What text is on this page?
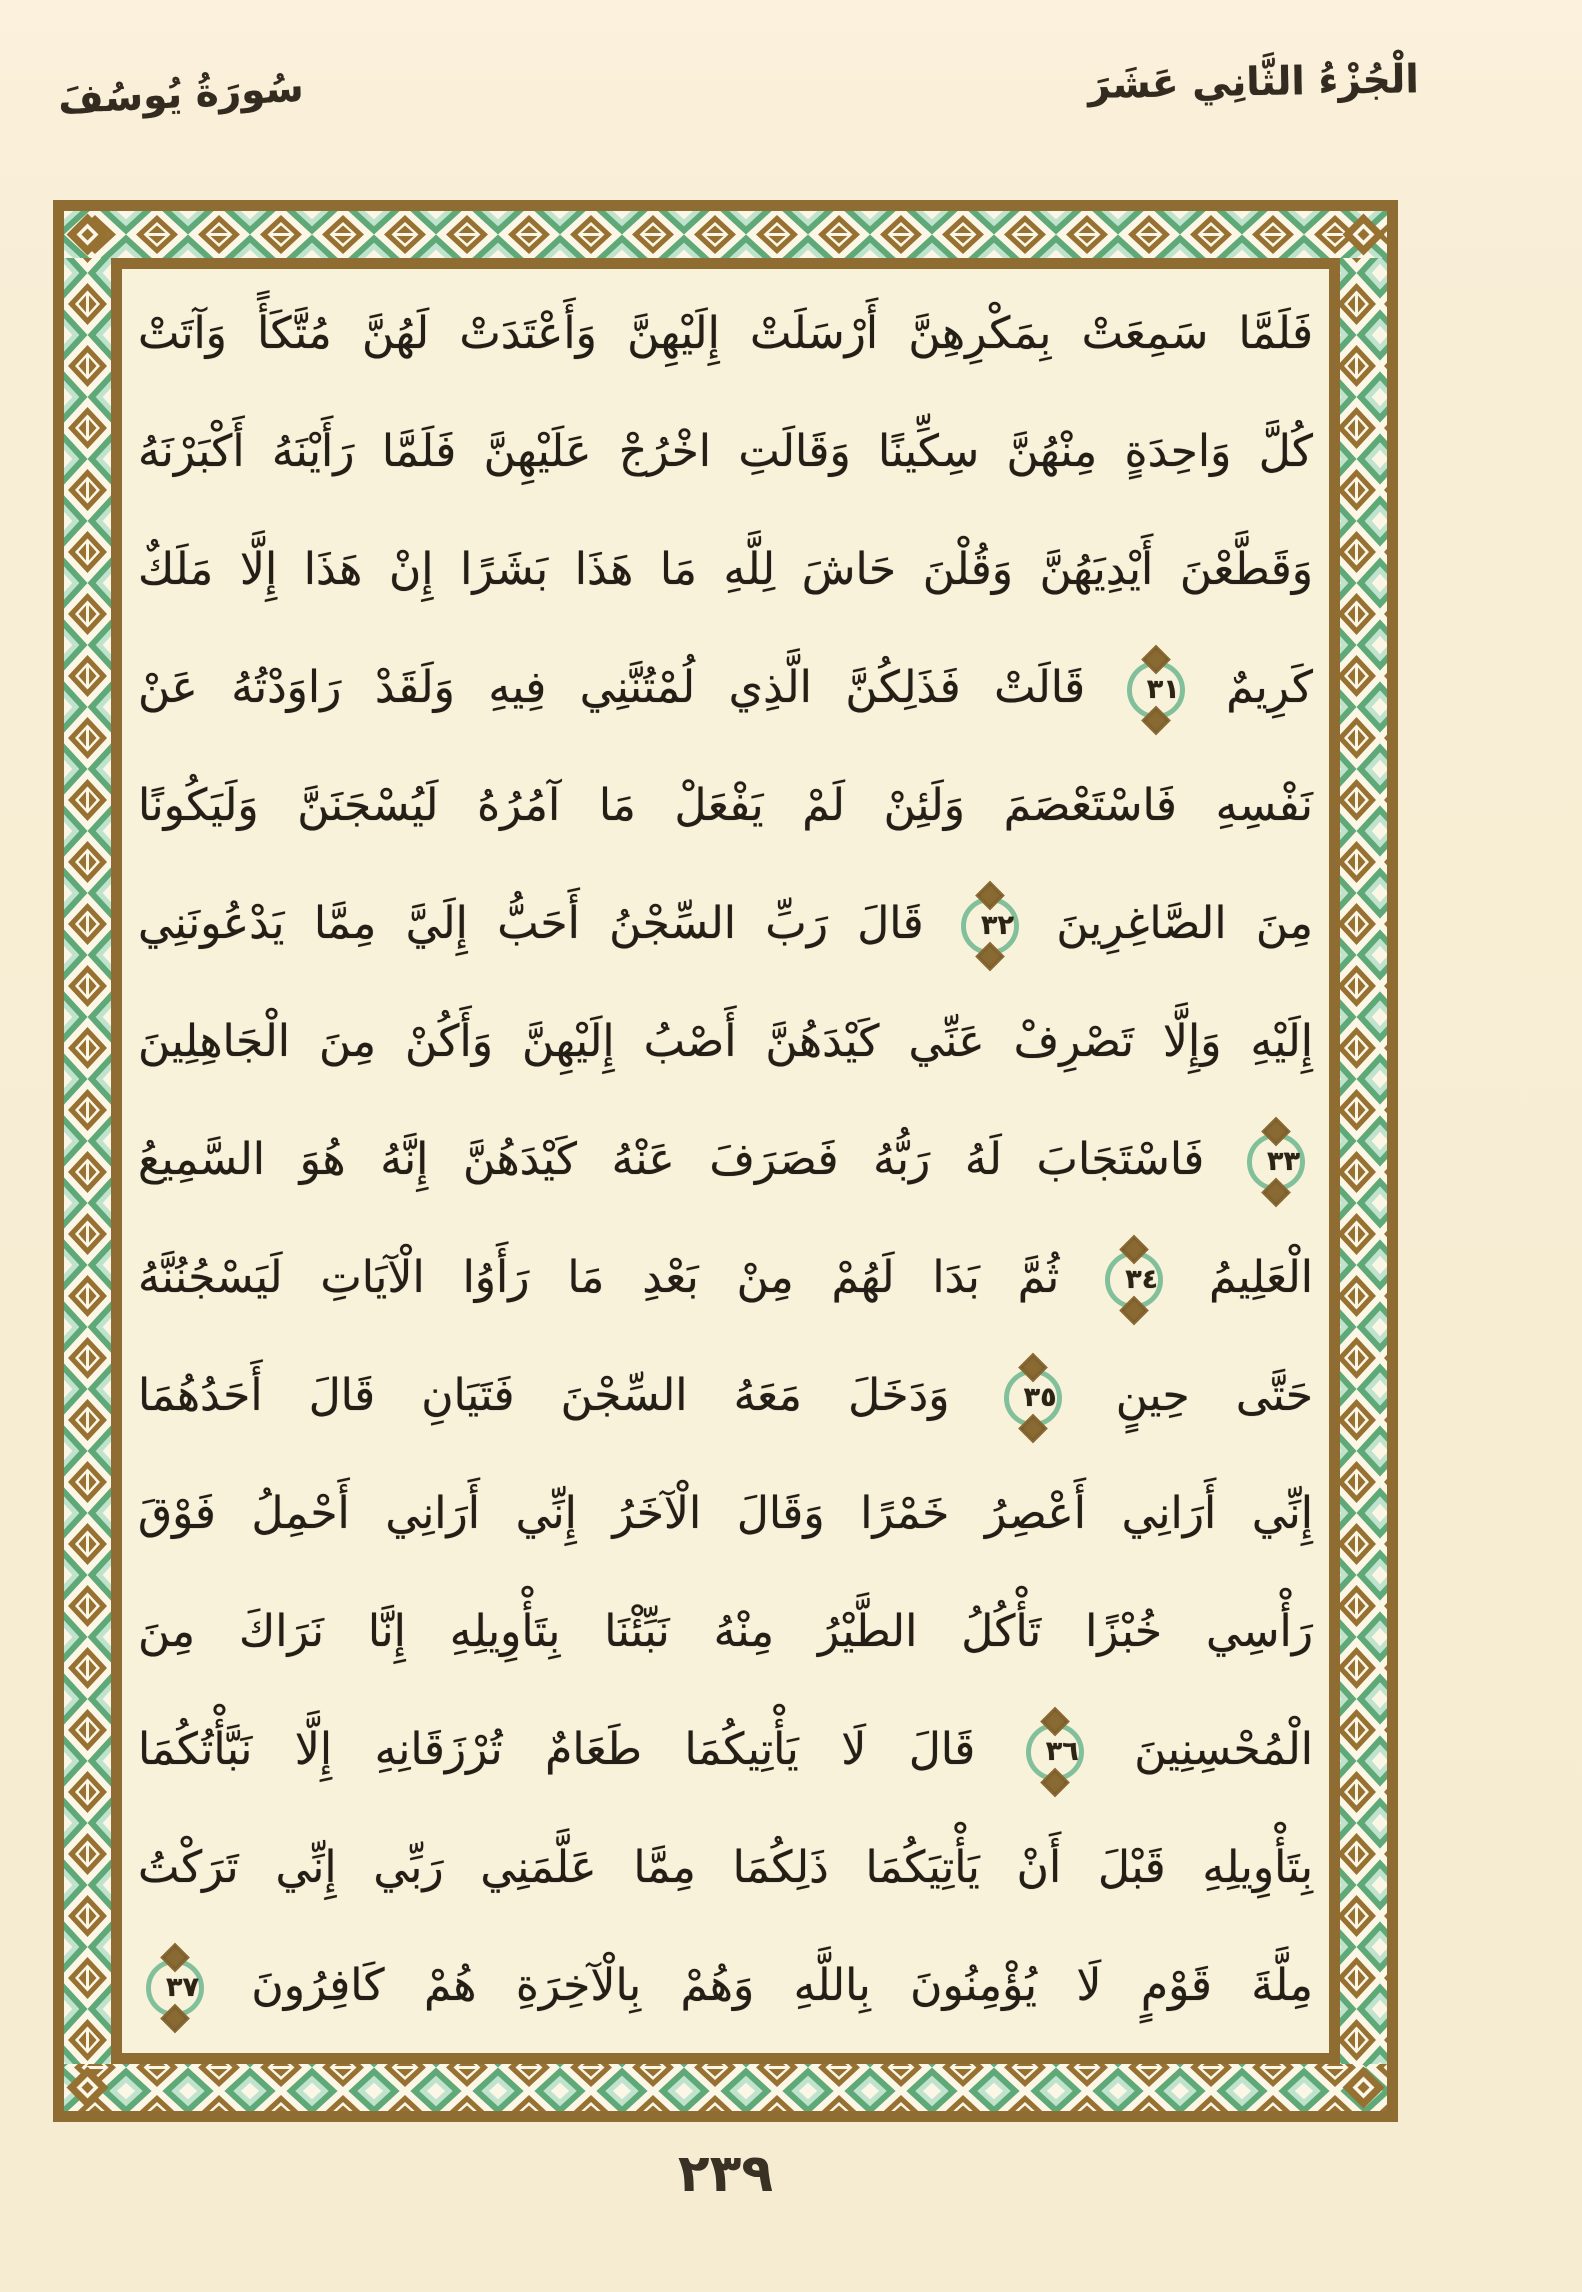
سُورَةُ يُوسُفَ	الْجُزْءُ الثَّانِي عَشَرَ
فَلَمَّا سَمِعَتْ بِمَكْرِهِنَّ أَرْسَلَتْ إِلَيْهِنَّ وَأَعْتَدَتْ لَهُنَّ مُتَّكَأً وَآتَتْ
كُلَّ وَاحِدَةٍ مِنْهُنَّ سِكِّينًا وَقَالَتِ اخْرُجْ عَلَيْهِنَّ فَلَمَّا رَأَيْنَهُ أَكْبَرْنَهُ
وَقَطَّعْنَ أَيْدِيَهُنَّ وَقُلْنَ حَاشَ لِلَّهِ مَا هَذَا بَشَرًا إِنْ هَذَا إِلَّا مَلَكٌ
كَرِيمٌ ٣١ قَالَتْ فَذَلِكُنَّ الَّذِي لُمْتُنَّنِي فِيهِ وَلَقَدْ رَاوَدْتُهُ عَنْ
نَفْسِهِ فَاسْتَعْصَمَ وَلَئِنْ لَمْ يَفْعَلْ مَا آمُرُهُ لَيُسْجَنَنَّ وَلَيَكُونًا
مِنَ الصَّاغِرِينَ ٣٢ قَالَ رَبِّ السِّجْنُ أَحَبُّ إِلَيَّ مِمَّا يَدْعُونَنِي
إِلَيْهِ وَإِلَّا تَصْرِفْ عَنِّي كَيْدَهُنَّ أَصْبُ إِلَيْهِنَّ وَأَكُنْ مِنَ الْجَاهِلِينَ
٣٣ فَاسْتَجَابَ لَهُ رَبُّهُ فَصَرَفَ عَنْهُ كَيْدَهُنَّ إِنَّهُ هُوَ السَّمِيعُ
الْعَلِيمُ ٣٤ ثُمَّ بَدَا لَهُمْ مِنْ بَعْدِ مَا رَأَوُا الْآيَاتِ لَيَسْجُنُنَّهُ
حَتَّى حِينٍ ٣٥ وَدَخَلَ مَعَهُ السِّجْنَ فَتَيَانِ قَالَ أَحَدُهُمَا
إِنِّي أَرَانِي أَعْصِرُ خَمْرًا وَقَالَ الْآخَرُ إِنِّي أَرَانِي أَحْمِلُ فَوْقَ
رَأْسِي خُبْزًا تَأْكُلُ الطَّيْرُ مِنْهُ نَبِّئْنَا بِتَأْوِيلِهِ إِنَّا نَرَاكَ مِنَ
الْمُحْسِنِينَ ٣٦ قَالَ لَا يَأْتِيكُمَا طَعَامٌ تُرْزَقَانِهِ إِلَّا نَبَّأْتُكُمَا
بِتَأْوِيلِهِ قَبْلَ أَنْ يَأْتِيَكُمَا ذَلِكُمَا مِمَّا عَلَّمَنِي رَبِّي إِنِّي تَرَكْتُ
مِلَّةَ قَوْمٍ لَا يُؤْمِنُونَ بِاللَّهِ وَهُمْ بِالْآخِرَةِ هُمْ كَافِرُونَ ٣٧
٢٣٩
